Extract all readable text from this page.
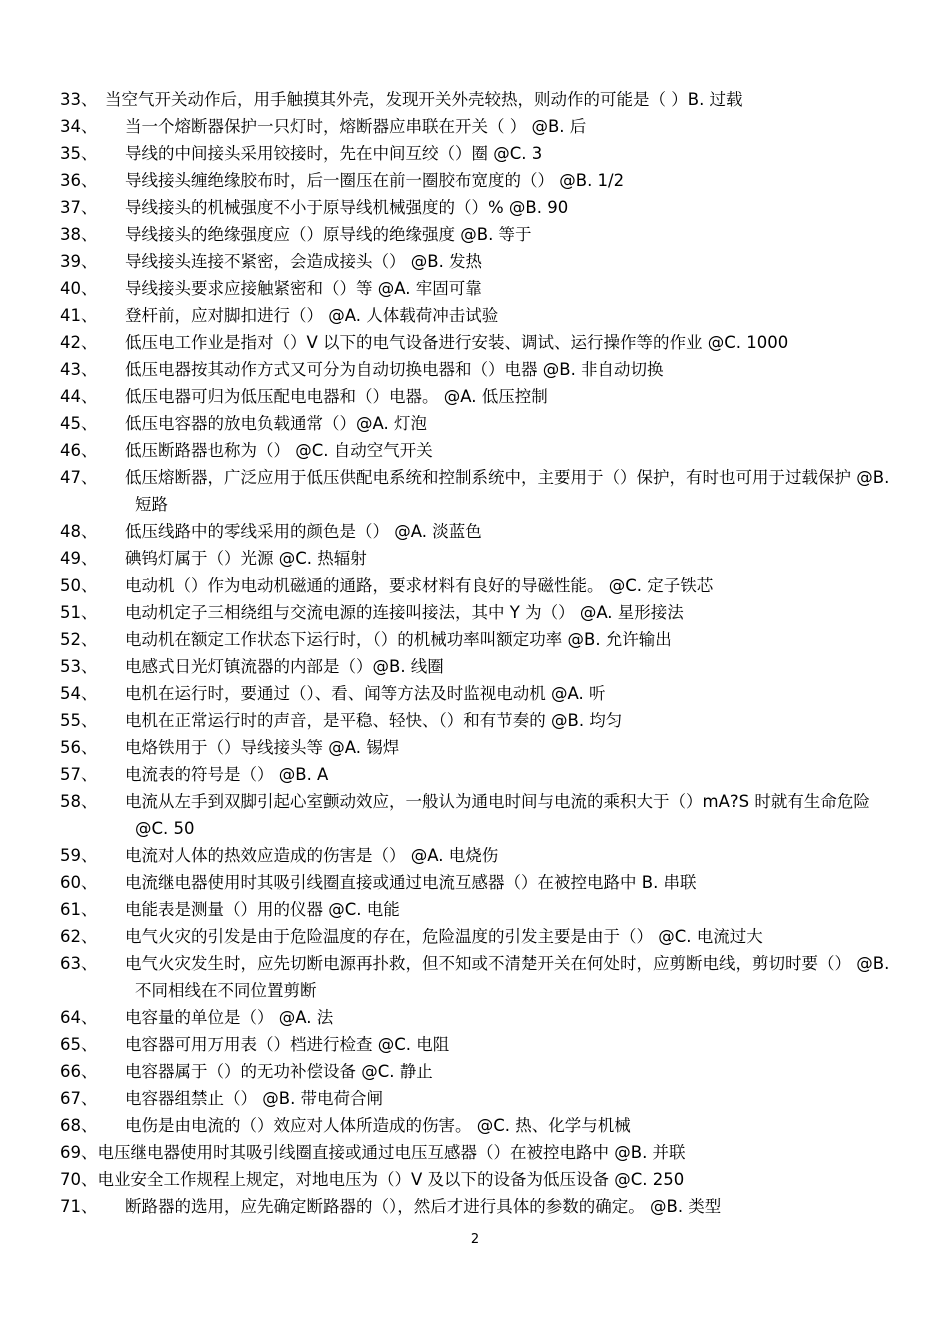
33、 当空气开关动作后，用手触摸其外壳，发现开关外壳较热，则动作的可能是（ ）B. 过载
34、 当一个熔断器保护一只灯时，熔断器应串联在开关（ ） @B. 后
35、 导线的中间接头采用铰接时，先在中间互绞（）圈 @C. 3
36、 导线接头缠绝缘胶布时，后一圈压在前一圈胶布宽度的（） @B. 1/2
37、 导线接头的机械强度不小于原导线机械强度的（）% @B. 90
38、 导线接头的绝缘强度应（）原导线的绝缘强度 @B. 等于
39、 导线接头连接不紧密，会造成接头（） @B. 发热
40、 导线接头要求应接触紧密和（）等 @A. 牢固可靠
41、 登杆前，应对脚扣进行（） @A. 人体载荷冲击试验
42、 低压电工作业是指对（）V 以下的电气设备进行安装、调试、运行操作等的作业 @C. 1000
43、 低压电器按其动作方式又可分为自动切换电器和（）电器 @B. 非自动切换
44、 低压电器可归为低压配电电器和（）电器。 @A. 低压控制
45、 低压电容器的放电负载通常（）@A. 灯泡
46、 低压断路器也称为（） @C. 自动空气开关
47、 低压熔断器，广泛应用于低压供配电系统和控制系统中，主要用于（）保护，有时也可用于过载保护 @B. 短路
48、 低压线路中的零线采用的颜色是（） @A. 淡蓝色
49、 碘钨灯属于（）光源 @C. 热辐射
50、 电动机（）作为电动机磁通的通路，要求材料有良好的导磁性能。 @C. 定子铁芯
51、 电动机定子三相绕组与交流电源的连接叫接法，其中 Y 为（） @A. 星形接法
52、 电动机在额定工作状态下运行时，（）的机械功率叫额定功率 @B. 允许输出
53、 电感式日光灯镇流器的内部是（）@B. 线圈
54、 电机在运行时，要通过（）、看、闻等方法及时监视电动机 @A. 听
55、 电机在正常运行时的声音，是平稳、轻快、（）和有节奏的 @B. 均匀
56、 电烙铁用于（）导线接头等 @A. 锡焊
57、 电流表的符号是（） @B. A
58、 电流从左手到双脚引起心室颤动效应，一般认为通电时间与电流的乘积大于（）mA?S 时就有生命危险 @C. 50
59、 电流对人体的热效应造成的伤害是（） @A. 电烧伤
60、 电流继电器使用时其吸引线圈直接或通过电流互感器（）在被控电路中 B. 串联
61、 电能表是测量（）用的仪器 @C. 电能
62、 电气火灾的引发是由于危险温度的存在，危险温度的引发主要是由于（） @C. 电流过大
63、 电气火灾发生时，应先切断电源再扑救，但不知或不清楚开关在何处时，应剪断电线，剪切时要（） @B. 不同相线在不同位置剪断
64、 电容量的单位是（） @A. 法
65、 电容器可用万用表（）档进行检查 @C. 电阻
66、 电容器属于（）的无功补偿设备 @C. 静止
67、 电容器组禁止（） @B. 带电荷合闸
68、 电伤是由电流的（）效应对人体所造成的伤害。 @C. 热、化学与机械
69、电压继电器使用时其吸引线圈直接或通过电压互感器（）在被控电路中 @B. 并联
70、电业安全工作规程上规定，对地电压为（）V 及以下的设备为低压设备 @C. 250
71、 断路器的选用，应先确定断路器的（），然后才进行具体的参数的确定。 @B. 类型
2
